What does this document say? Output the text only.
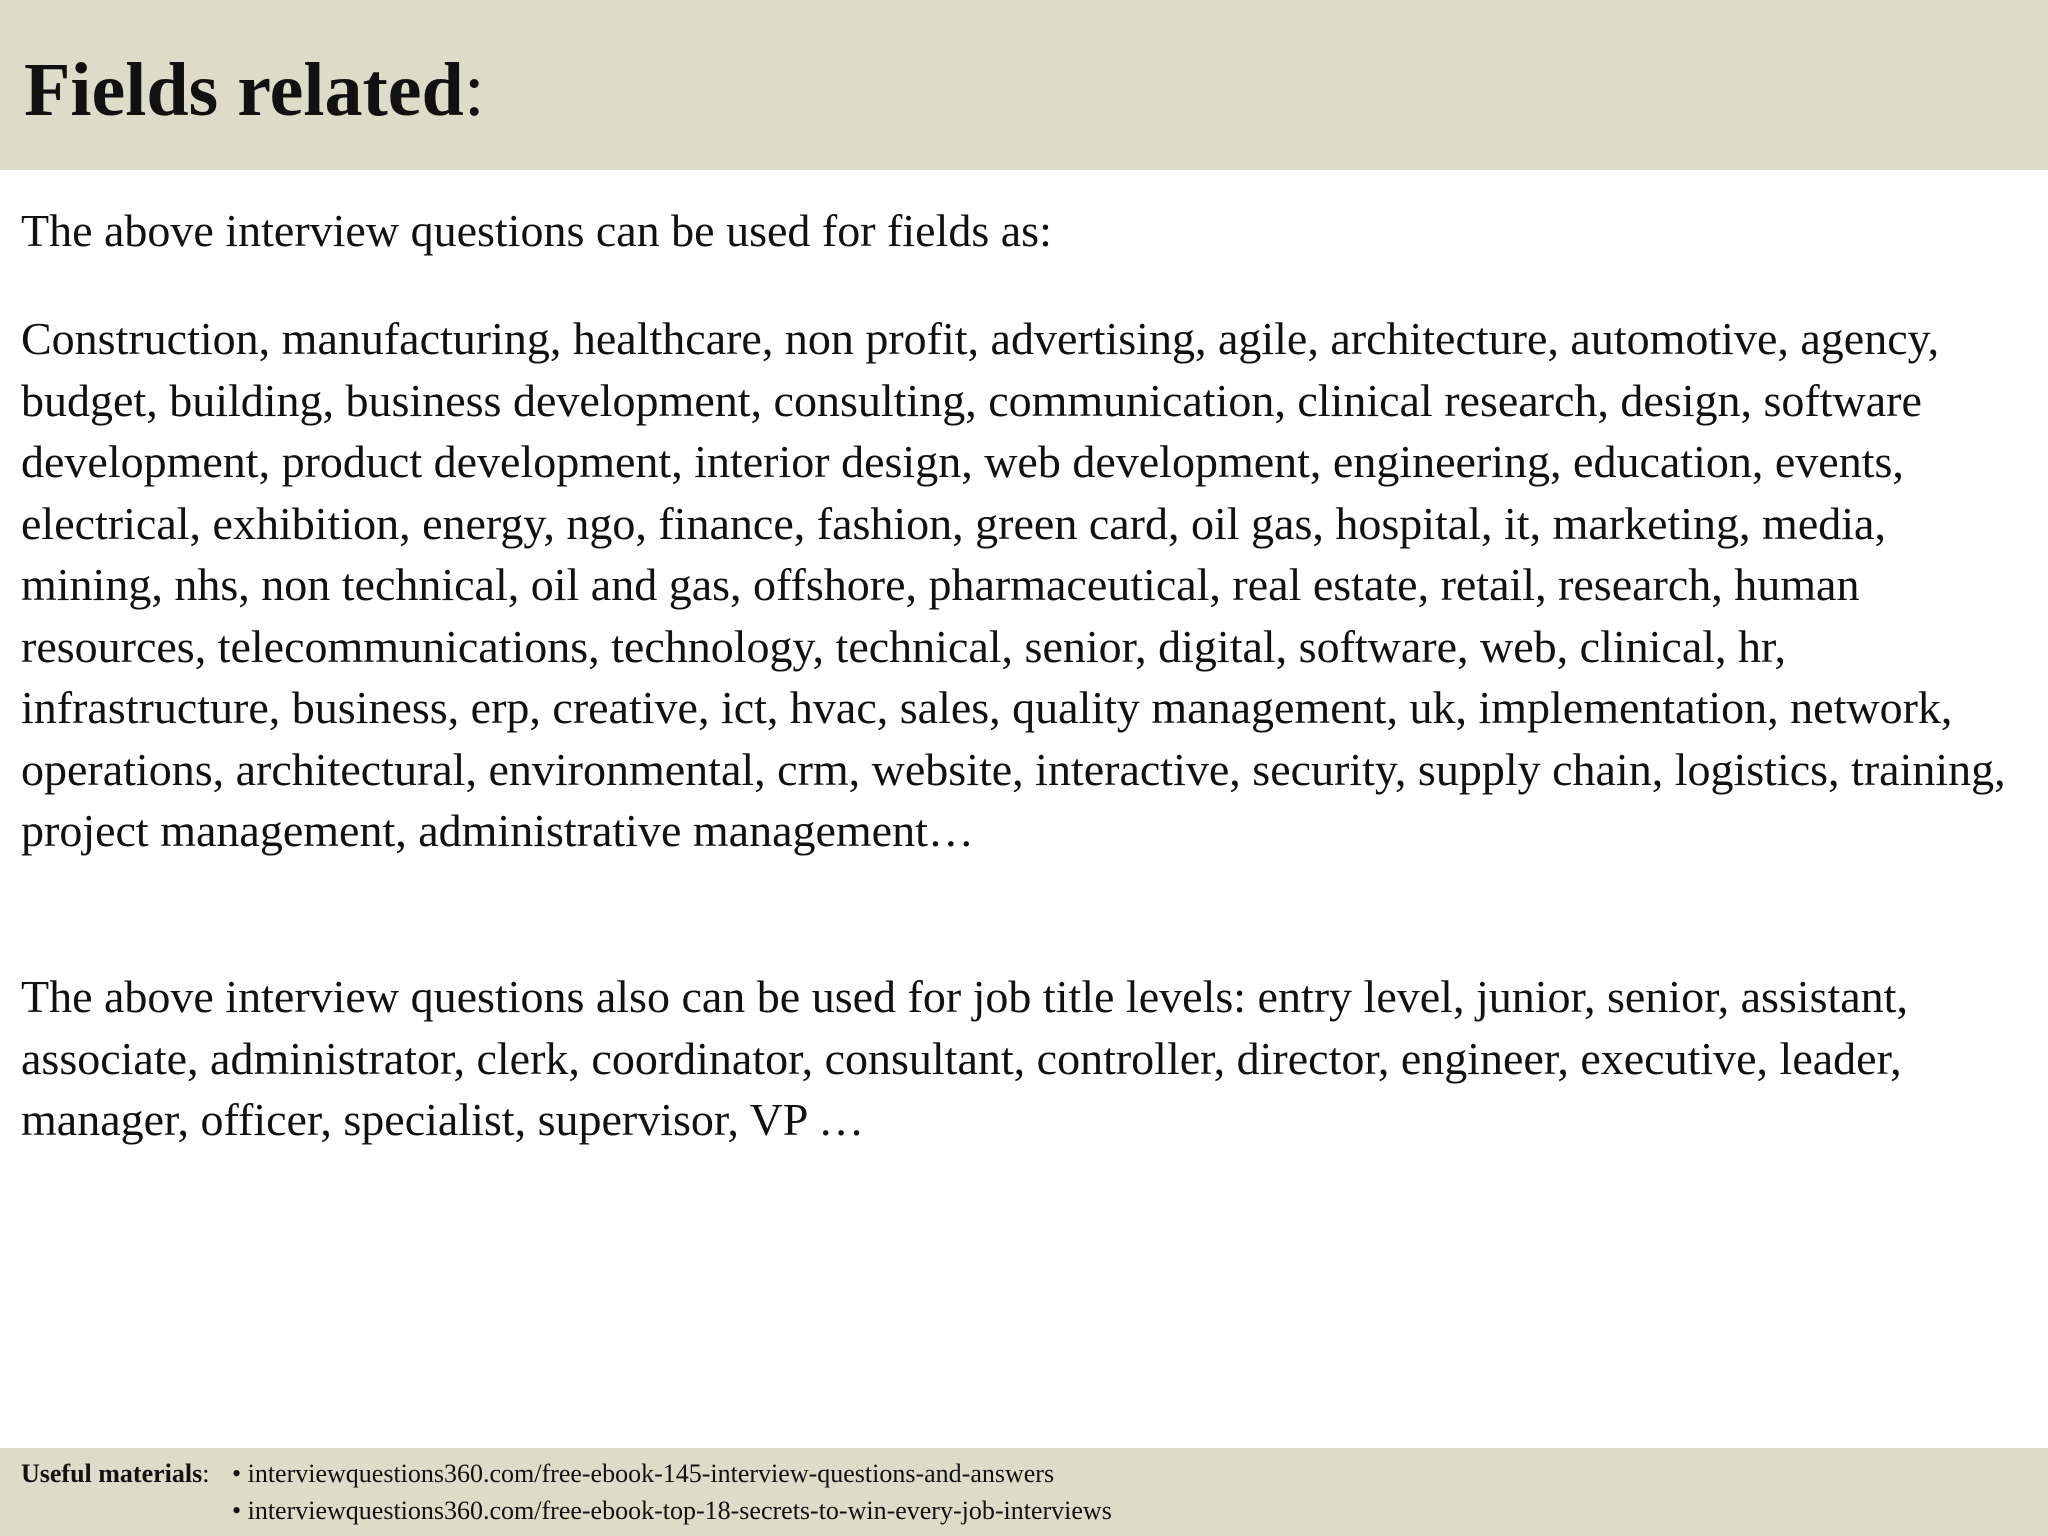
Fields related:

The above interview questions can be used for fields as:

Construction, manufacturing, healthcare, non profit, advertising, agile, architecture, automotive, agency, budget, building, business development, consulting, communication, clinical research, design, software development, product development, interior design, web development, engineering, education, events, electrical, exhibition, energy, ngo, finance, fashion, green card, oil gas, hospital, it, marketing, media, mining, nhs, non technical, oil and gas, offshore, pharmaceutical, real estate, retail, research, human resources, telecommunications, technology, technical, senior, digital, software, web, clinical, hr, infrastructure, business, erp, creative, ict, hvac, sales, quality management, uk, implementation, network, operations, architectural, environmental, crm, website, interactive, security, supply chain, logistics, training, project management, administrative management…

The above interview questions also can be used for job title levels: entry level, junior, senior, assistant, associate, administrator, clerk, coordinator, consultant, controller, director, engineer, executive, leader, manager, officer, specialist, supervisor, VP …

Useful materials: • interviewquestions360.com/free-ebook-145-interview-questions-and-answers
• interviewquestions360.com/free-ebook-top-18-secrets-to-win-every-job-interviews
